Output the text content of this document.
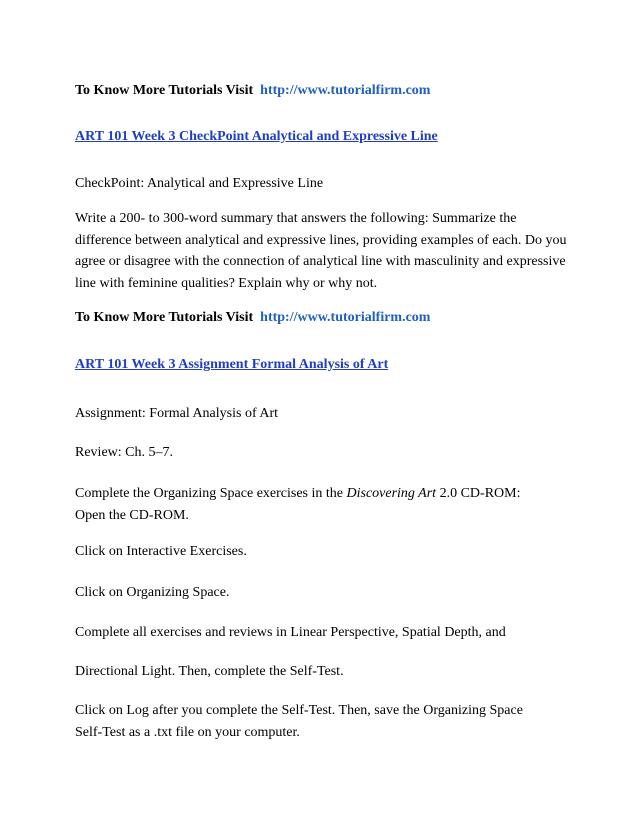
To Know More Tutorials Visit http://www.tutorialfirm.com

ART 101 Week 3 CheckPoint Analytical and Expressive Line

CheckPoint: Analytical and Expressive Line

Write a 200- to 300-word summary that answers the following: Summarize the difference between analytical and expressive lines, providing examples of each. Do you agree or disagree with the connection of analytical line with masculinity and expressive line with feminine qualities? Explain why or why not.

To Know More Tutorials Visit http://www.tutorialfirm.com

ART 101 Week 3 Assignment Formal Analysis of Art

Assignment: Formal Analysis of Art

Review: Ch. 5–7.

Complete the Organizing Space exercises in the Discovering Art 2.0 CD-ROM:
Open the CD-ROM.

Click on Interactive Exercises.

Click on Organizing Space.

Complete all exercises and reviews in Linear Perspective, Spatial Depth, and

Directional Light. Then, complete the Self-Test.

Click on Log after you complete the Self-Test. Then, save the Organizing Space
Self-Test as a .txt file on your computer.
